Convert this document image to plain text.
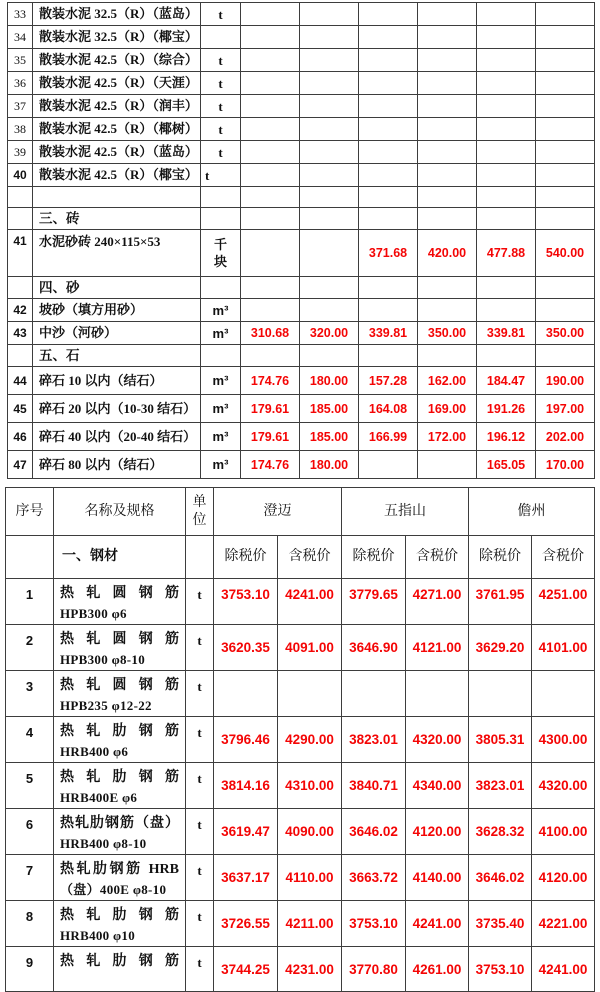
33	散装水泥 32.5（R）（蓝岛）	t						
34	散装水泥 32.5（R）（椰宝）							
35	散装水泥 42.5（R）（综合）	t						
36	散装水泥 42.5（R）（天涯）	t						
37	散装水泥 42.5（R）（润丰）	t						
38	散装水泥 42.5（R）（椰树）	t						
39	散装水泥 42.5（R）（蓝岛）	t						
40	散装水泥 42.5（R）（椰宝）	t						

	三、砖							
41	水泥砂砖 240×115×53	千
块			371.68	420.00	477.88	540.00
	四、砂							
42	坡砂（填方用砂）	m³						
43	中沙（河砂）	m³	310.68	320.00	339.81	350.00	339.81	350.00
	五、石							
44	碎石 10 以内（结石）	m³	174.76	180.00	157.28	162.00	184.47	190.00
45	碎石 20 以内（10-30 结石）	m³	179.61	185.00	164.08	169.00	191.26	197.00
46	碎石 40 以内（20-40 结石）	m³	179.61	185.00	166.99	172.00	196.12	202.00
47	碎石 80 以内（结石）	m³	174.76	180.00			165.05	170.00
序号	名称及规格	单位	澄迈		五指山		儋州	
	一、钢材		除税价	含税价	除税价	含税价	除税价	含税价
1	热 轧 圆 钢 筋
HPB300 φ6	t	3753.10	4241.00	3779.65	4271.00	3761.95	4251.00
2	热 轧 圆 钢 筋
HPB300 φ8-10	t	3620.35	4091.00	3646.90	4121.00	3629.20	4101.00
3	热 轧 圆 钢 筋
HPB235 φ12-22	t						
4	热 轧 肋 钢 筋
HRB400 φ6	t	3796.46	4290.00	3823.01	4320.00	3805.31	4300.00
5	热 轧 肋 钢 筋
HRB400E φ6	t	3814.16	4310.00	3840.71	4340.00	3823.01	4320.00
6	热轧肋钢筋（盘）
HRB400 φ8-10	t	3619.47	4090.00	3646.02	4120.00	3628.32	4100.00
7	热轧肋钢筋 HRB
（盘）400E φ8-10	t	3637.17	4110.00	3663.72	4140.00	3646.02	4120.00
8	热 轧 肋 钢 筋
HRB400 φ10	t	3726.55	4211.00	3753.10	4241.00	3735.40	4221.00
9	热 轧 肋 钢 筋	t	3744.25	4231.00	3770.80	4261.00	3753.10	4241.00
